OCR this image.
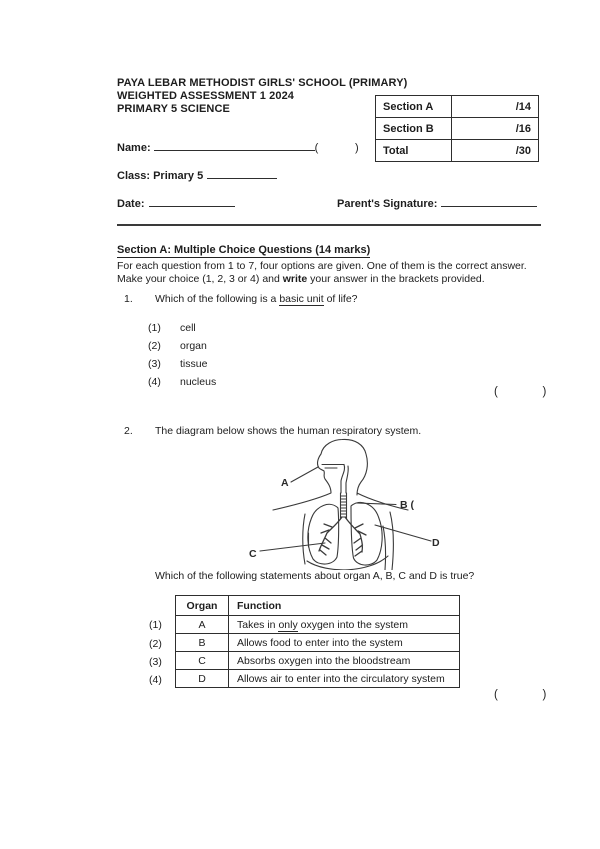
PAYA LEBAR METHODIST GIRLS' SCHOOL (PRIMARY)
WEIGHTED ASSESSMENT 1 2024
PRIMARY 5 SCIENCE	Section A	/14
Section B	/16
Total	/30
Name:	(            )
Class: Primary 5
Date:	Parent's Signature:
Section A: Multiple Choice Questions (14 marks)
For each question from 1 to 7, four options are given. One of them is the correct answer.
Make your choice (1, 2, 3 or 4) and write your answer in the brackets provided.
1. Which of the following is a basic unit of life?
(1)	cell
(2)	organ
(3)	tissue
(4)	nucleus
(              )
2. The diagram below shows the human respiratory system.
A
B (
C
D
Which of the following statements about organ A, B, C and D is true?
(1)
(2)
(3)
(4)
Organ	Function
A	Takes in only oxygen into the system
B	Allows food to enter into the system
C	Absorbs oxygen into the bloodstream
D	Allows air to enter into the circulatory system
(              )
